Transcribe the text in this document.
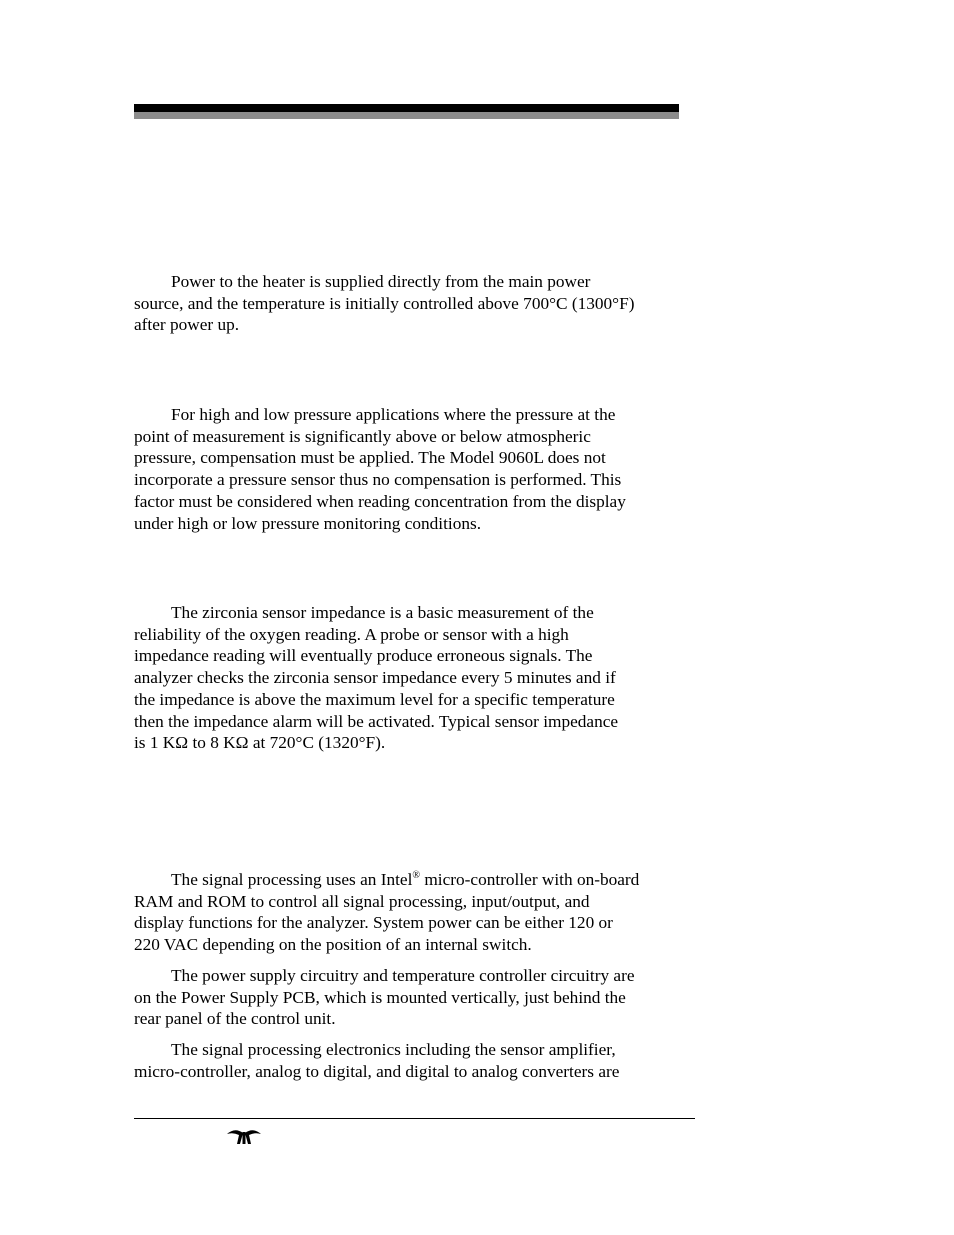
Power to the heater is supplied directly from the main power
source, and the temperature is initially controlled above 700°C (1300°F)
after power up.

For high and low pressure applications where the pressure at the
point of measurement is significantly above or below atmospheric
pressure, compensation must be applied. The Model 9060L does not
incorporate a pressure sensor thus no compensation is performed. This
factor must be considered when reading concentration from the display
under high or low pressure monitoring conditions.

The zirconia sensor impedance is a basic measurement of the
reliability of the oxygen reading. A probe or sensor with a high
impedance reading will eventually produce erroneous signals. The
analyzer checks the zirconia sensor impedance every 5 minutes and if
the impedance is above the maximum level for a specific temperature
then the impedance alarm will be activated. Typical sensor impedance
is 1 KΩ to 8 KΩ at 720°C (1320°F).

The signal processing uses an Intel® micro-controller with on-board
RAM and ROM to control all signal processing, input/output, and
display functions for the analyzer. System power can be either 120 or
220 VAC depending on the position of an internal switch.

The power supply circuitry and temperature controller circuitry are
on the Power Supply PCB, which is mounted vertically, just behind the
rear panel of the control unit.

The signal processing electronics including the sensor amplifier,
micro-controller, analog to digital, and digital to analog converters are
